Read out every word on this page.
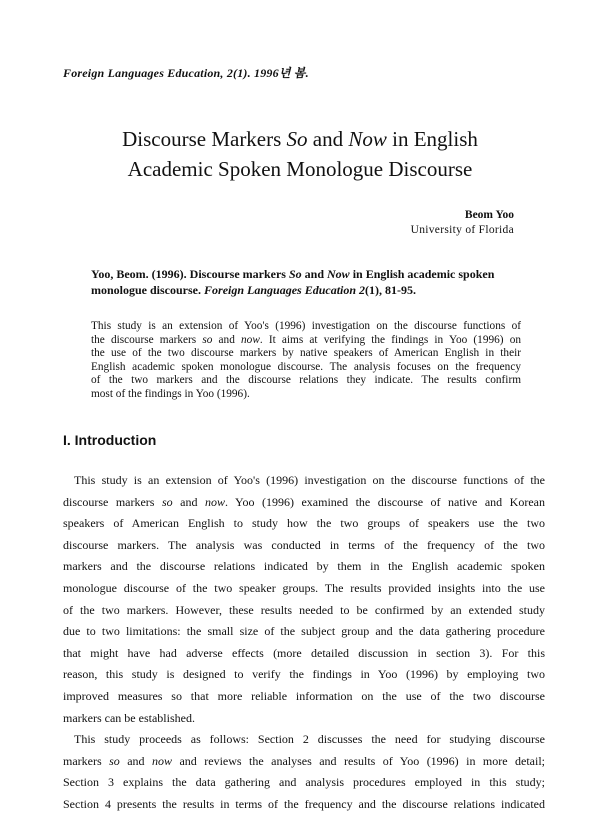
Foreign Languages Education, 2(1). 1996년 봄.
Discourse Markers So and Now in English
Academic Spoken Monologue Discourse
Beom Yoo
University of Florida
Yoo, Beom. (1996). Discourse markers So and Now in English academic spoken monologue discourse. Foreign Languages Education 2(1), 81-95.
This study is an extension of Yoo's (1996) investigation on the discourse functions of
the discourse markers so and now. It aims at verifying the findings in Yoo (1996) on
the use of the two discourse markers by native speakers of American English in their
English academic spoken monologue discourse. The analysis focuses on the frequency
of the two markers and the discourse relations they indicate. The results confirm
most of the findings in Yoo (1996).
I. Introduction
This study is an extension of Yoo's (1996) investigation on the discourse functions of the
discourse markers so and now. Yoo (1996) examined the discourse of native and Korean
speakers of American English to study how the two groups of speakers use the two
discourse markers. The analysis was conducted in terms of the frequency of the two
markers and the discourse relations indicated by them in the English academic spoken
monologue discourse of the two speaker groups. The results provided insights into the use
of the two markers. However, these results needed to be confirmed by an extended study
due to two limitations: the small size of the subject group and the data gathering procedure
that might have had adverse effects (more detailed discussion in section 3). For this
reason, this study is designed to verify the findings in Yoo (1996) by employing two
improved measures so that more reliable information on the use of the two discourse
markers can be established.
This study proceeds as follows: Section 2 discusses the need for studying discourse
markers so and now and reviews the analyses and results of Yoo (1996) in more detail;
Section 3 explains the data gathering and analysis procedures employed in this study;
Section 4 presents the results in terms of the frequency and the discourse relations indicated
